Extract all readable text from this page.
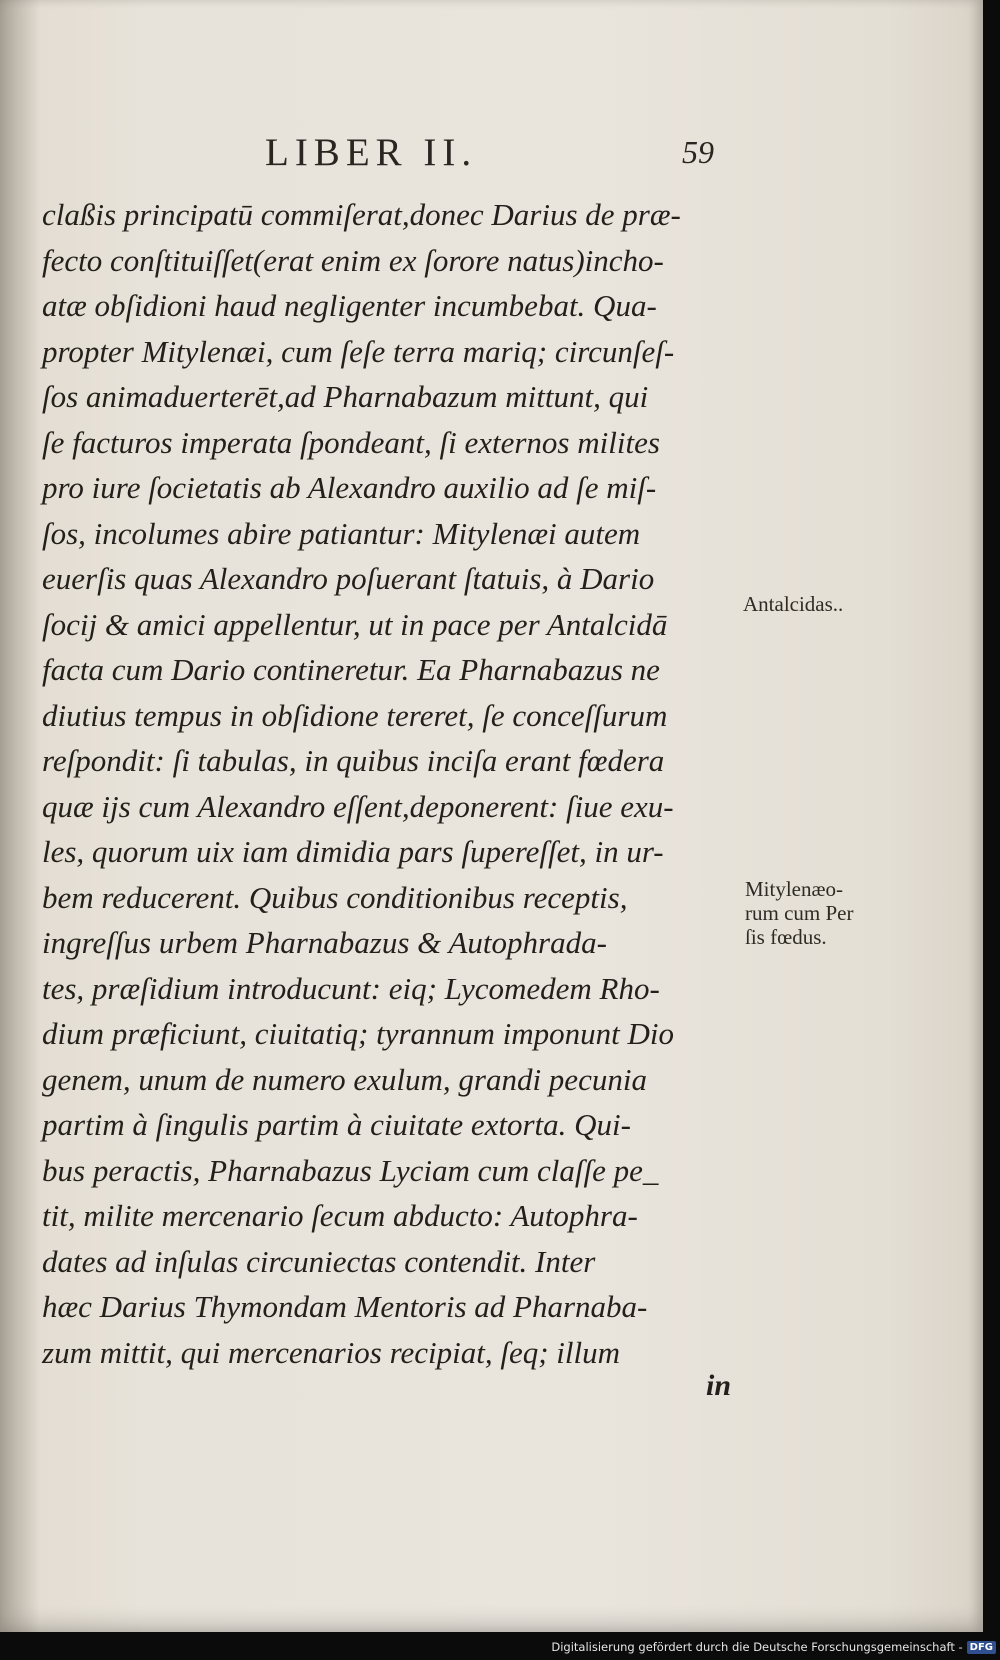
LIBER II.	59
claßis principatū commiſerat,donec Darius de præ-
fecto conſtituiſſet(erat enim ex ſorore natus)incho-
atæ obſidioni haud negligenter incumbebat. Qua-
propter Mitylenæi, cum ſeſe terra mariq; circunſeſ-
ſos animaduerterēt,ad Pharnabazum mittunt, qui
ſe facturos imperata ſpondeant, ſi externos milites
pro iure ſocietatis ab Alexandro auxilio ad ſe miſ-
ſos, incolumes abire patiantur: Mitylenæi autem
euerſis quas Alexandro poſuerant ſtatuis, à Dario
ſocij & amici appellentur, ut in pace per Antalcidā
facta cum Dario contineretur. Ea Pharnabazus ne
diutius tempus in obſidione tereret, ſe conceſſurum
reſpondit: ſi tabulas, in quibus inciſa erant fœdera
quæ ijs cum Alexandro eſſent,deponerent: ſiue exu-
les, quorum uix iam dimidia pars ſupereſſet, in ur-
bem reducerent. Quibus conditionibus receptis,
ingreſſus urbem Pharnabazus & Autophrada-
tes, præſidium introducunt: eiq; Lycomedem Rho-
dium præficiunt, ciuitatiq; tyrannum imponunt Dio
genem, unum de numero exulum, grandi pecunia
partim à ſingulis partim à ciuitate extorta. Qui-
bus peractis, Pharnabazus Lyciam cum claſſe pe_
tit, milite mercenario ſecum abducto: Autophra-
dates ad inſulas circuniectas contendit. Inter
hæc Darius Thymondam Mentoris ad Pharnaba-
zum mittit, qui mercenarios recipiat, ſeq; illum
in
Antalcidas..
Mitylenæo-
rum cum Per
ſis fœdus.
Digitalisierung gefördert durch die Deutsche Forschungsgemeinschaft - DFG
